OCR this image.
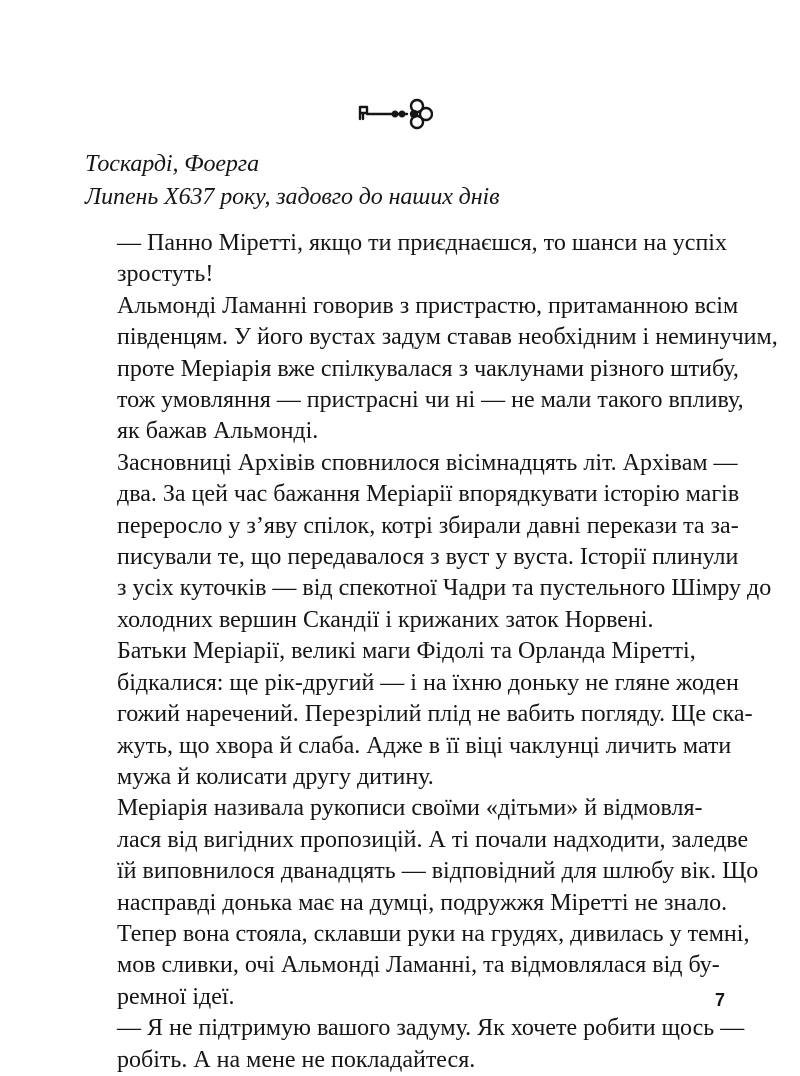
Тоскарді, Фоерга
Липень Х637 року, задовго до наших днів

— Панно Міретті, якщо ти приєднаєшся, то шанси на успіх
зростуть!

Альмонді Ламанні говорив з пристрастю, притаманною всім
південцям. У його вустах задум ставав необхідним і неминучим,
проте Меріарія вже спілкувалася з чаклунами різного штибу,
тож умовляння — пристрасні чи ні — не мали такого впливу,
як бажав Альмонді.

Засновниці Архівів сповнилося вісімнадцять літ. Архівам —
два. За цей час бажання Меріарії впорядкувати історію магів
переросло у з’яву спілок, котрі збирали давні перекази та за-
писували те, що передавалося з вуст у вуста. Історії плинули
з усіх куточків — від спекотної Чадри та пустельного Шімру до
холодних вершин Скандії і крижаних заток Норвені.

Батьки Меріарії, великі маги Фідолі та Орланда Міретті,
бідкалися: ще рік-другий — і на їхню доньку не гляне жоден
гожий наречений. Перезрілий плід не вабить погляду. Ще ска-
жуть, що хвора й слаба. Адже в її віці чаклунці личить мати
мужа й колисати другу дитину.

Меріарія називала рукописи своїми «дітьми» й відмовля-
лася від вигідних пропозицій. А ті почали надходити, заледве
їй виповнилося дванадцять — відповідний для шлюбу вік. Що
насправді донька має на думці, подружжя Міретті не знало.

Тепер вона стояла, склавши руки на грудях, дивилась у темні,
мов сливки, очі Альмонді Ламанні, та відмовлялася від бу-
ремної ідеї.

— Я не підтримую вашого задуму. Як хочете робити щось —
робіть. А на мене не покладайтеся.

7
